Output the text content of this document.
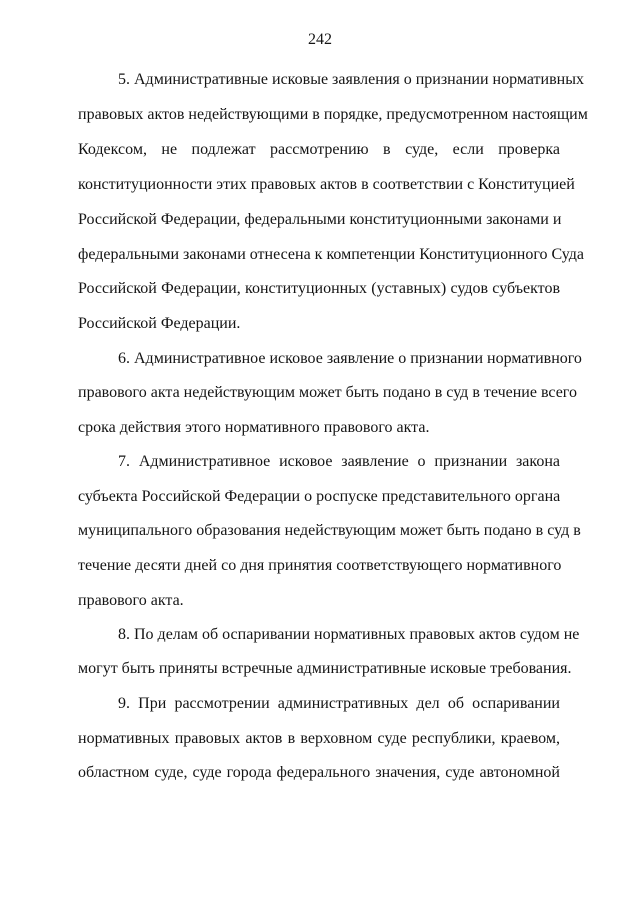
242
5. Административные исковые заявления о признании нормативных
правовых актов недействующими в порядке, предусмотренном настоящим
Кодексом, не подлежат рассмотрению в суде, если проверка
конституционности этих правовых актов в соответствии с Конституцией
Российской Федерации, федеральными конституционными законами и
федеральными законами отнесена к компетенции Конституционного Суда
Российской Федерации, конституционных (уставных) судов субъектов
Российской Федерации.
6. Административное исковое заявление о признании нормативного
правового акта недействующим может быть подано в суд в течение всего
срока действия этого нормативного правового акта.
7. Административное исковое заявление о признании закона
субъекта Российской Федерации о роспуске представительного органа
муниципального образования недействующим может быть подано в суд в
течение десяти дней со дня принятия соответствующего нормативного
правового акта.
8. По делам об оспаривании нормативных правовых актов судом не
могут быть приняты встречные административные исковые требования.
9. При рассмотрении административных дел об оспаривании
нормативных правовых актов в верховном суде республики, краевом,
областном суде, суде города федерального значения, суде автономной
